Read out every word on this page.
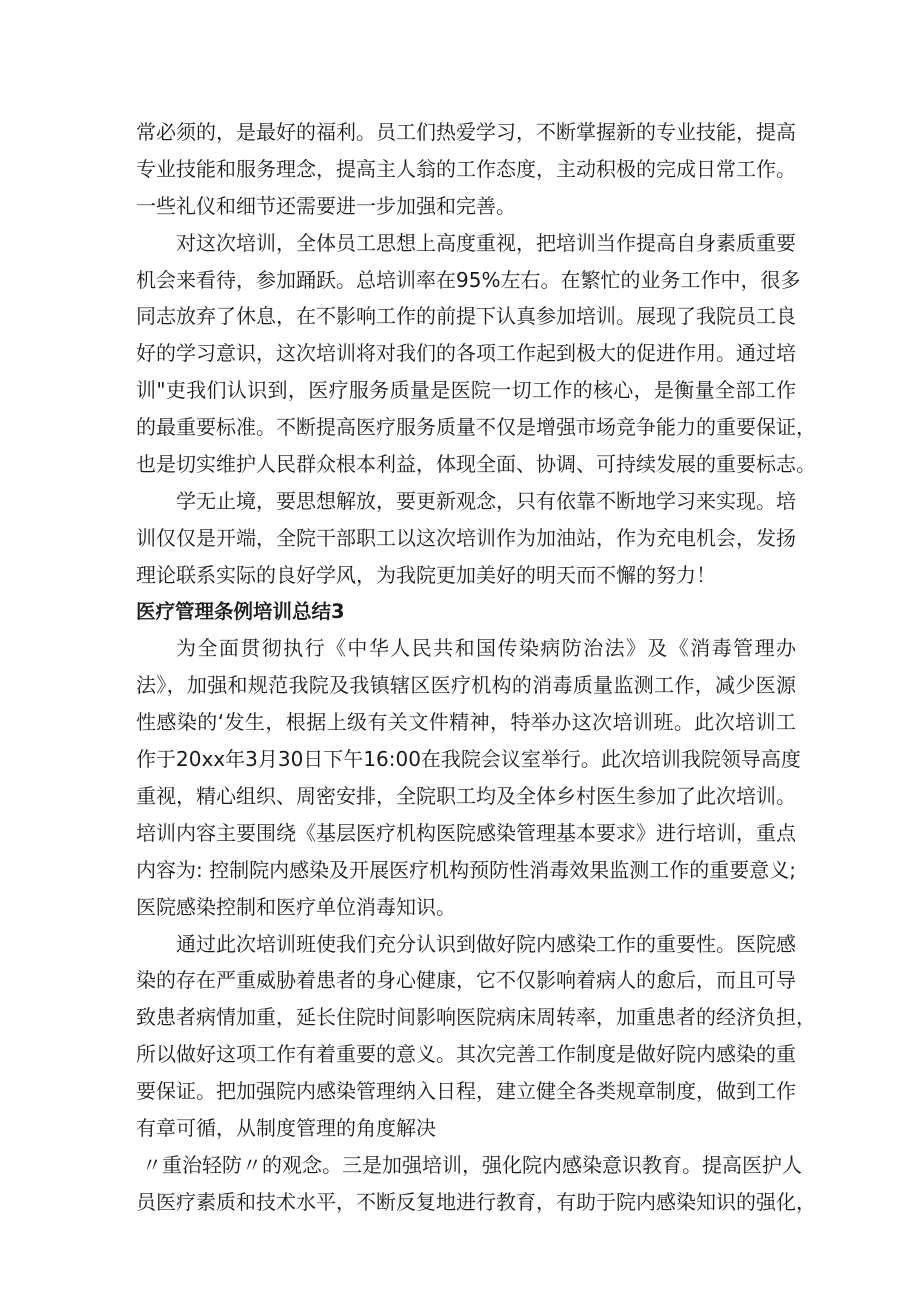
常必须的，是最好的福利。员工们热爱学习，不断掌握新的专业技能，提高
专业技能和服务理念，提高主人翁的工作态度，主动积极的完成日常工作。
一些礼仪和细节还需要进一步加强和完善。
对这次培训，全体员工思想上高度重视，把培训当作提高自身素质重要
机会来看待，参加踊跃。总培训率在95%左右。在繁忙的业务工作中，很多
同志放弃了休息，在不影响工作的前提下认真参加培训。展现了我院员工良
好的学习意识，这次培训将对我们的各项工作起到极大的促进作用。通过培
训"吏我们认识到，医疗服务质量是医院一切工作的核心，是衡量全部工作
的最重要标准。不断提高医疗服务质量不仅是增强市场竞争能力的重要保证，
也是切实维护人民群众根本利益，体现全面、协调、可持续发展的重要标志。
学无止境，要思想解放，要更新观念，只有依靠不断地学习来实现。培
训仅仅是开端，全院干部职工以这次培训作为加油站，作为充电机会，发扬
理论联系实际的良好学风，为我院更加美好的明天而不懈的努力！
医疗管理条例培训总结3
为全面贯彻执行《中华人民共和国传染病防治法》及《消毒管理办
法》，加强和规范我院及我镇辖区医疗机构的消毒质量监测工作，减少医源
性感染的‘发生，根据上级有关文件精神，特举办这次培训班。此次培训工
作于20xx年3月30日下午16:00在我院会议室举行。此次培训我院领导高度
重视，精心组织、周密安排，全院职工均及全体乡村医生参加了此次培训。
培训内容主要围绕《基层医疗机构医院感染管理基本要求》进行培训，重点
内容为: 控制院内感染及开展医疗机构预防性消毒效果监测工作的重要意义;
医院感染控制和医疗单位消毒知识。
通过此次培训班使我们充分认识到做好院内感染工作的重要性。医院感
染的存在严重威胁着患者的身心健康，它不仅影响着病人的愈后，而且可导
致患者病情加重，延长住院时间影响医院病床周转率，加重患者的经济负担，
所以做好这项工作有着重要的意义。其次完善工作制度是做好院内感染的重
要保证。把加强院内感染管理纳入日程，建立健全各类规章制度，做到工作
有章可循，从制度管理的角度解决
〃重治轻防〃的观念。三是加强培训，强化院内感染意识教育。提高医护人
员医疗素质和技术水平，不断反复地进行教育，有助于院内感染知识的强化，
